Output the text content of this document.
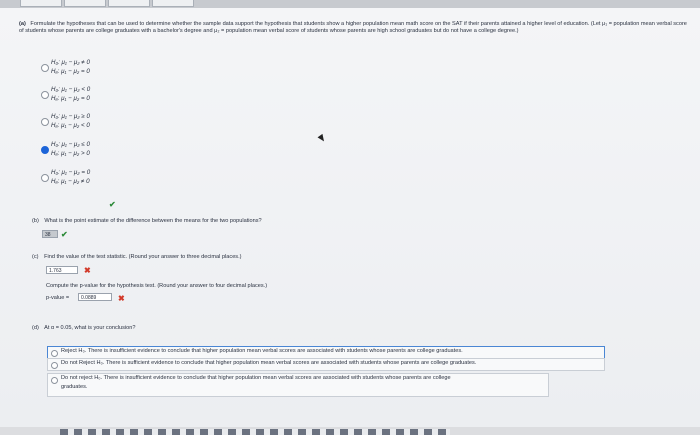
(a) Formulate the hypotheses that can be used to determine whether the sample data support the hypothesis that students show a higher population mean math score on the SAT if their parents attained a higher level of education. (Let μ₁ = population mean verbal score of students whose parents are college graduates with a bachelor's degree and μ₂ = population mean verbal score of students whose parents are high school graduates but do not have a college degree.)
H₀: μ₁ − μ₂ ≠ 0
Hₐ: μ₁ − μ₂ = 0
H₀: μ₁ − μ₂ < 0
Hₐ: μ₁ − μ₂ = 0
H₀: μ₁ − μ₂ ≥ 0
Hₐ: μ₁ − μ₂ < 0
H₀: μ₁ − μ₂ ≤ 0
Hₐ: μ₁ − μ₂ > 0
H₀: μ₁ − μ₂ = 0
Hₐ: μ₁ − μ₂ ≠ 0
✔
(b) What is the point estimate of the difference between the means for the two populations?
38	✔
(c) Find the value of the test statistic. (Round your answer to three decimal places.)
1.763	✖
Compute the p-value for the hypothesis test. (Round your answer to four decimal places.)
p-value =	0.0889	✖
(d) At α = 0.05, what is your conclusion?
Reject H₀. There is insufficient evidence to conclude that higher population mean verbal scores are associated with students whose parents are college graduates.
Do not Reject H₀. There is sufficient evidence to conclude that higher population mean verbal scores are associated with students whose parents are college graduates.
Do not reject H₀. There is insufficient evidence to conclude that higher population mean verbal scores are associated with students whose parents are college
graduates.
